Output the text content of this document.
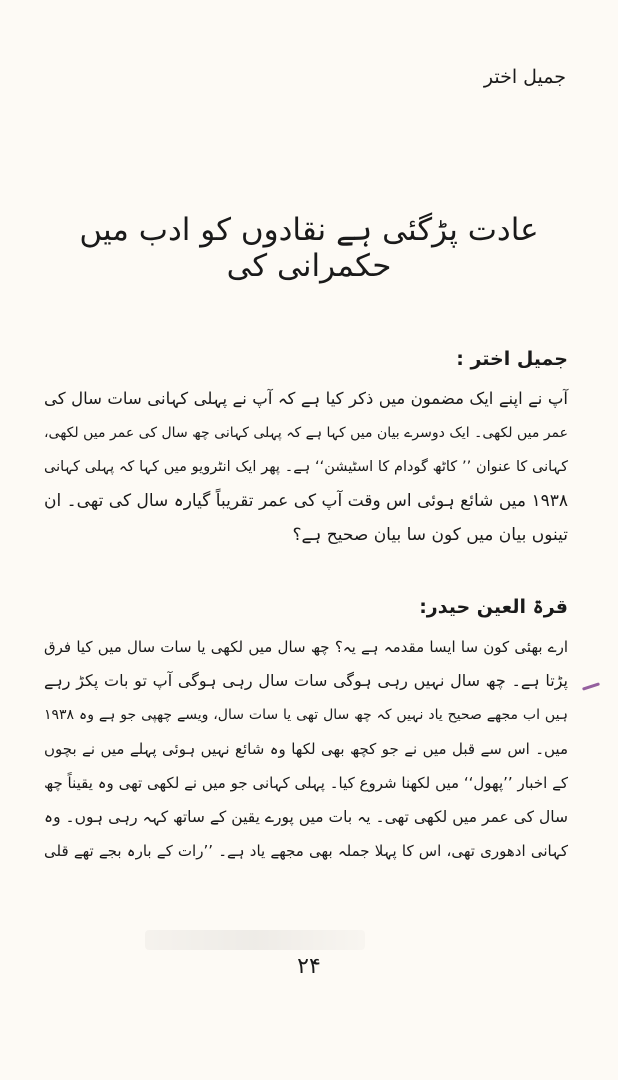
جمیل اختر
عادت پڑگئی ہے نقادوں کو ادب میں حکمرانی کی
جمیل اختر :
آپ نے اپنے ایک مضمون میں ذکر کیا ہے کہ آپ نے پہلی کہانی سات سال کی
عمر میں لکھی۔ ایک دوسرے بیان میں کہا ہے کہ پہلی کہانی چھ سال کی عمر میں لکھی،
کہانی کا عنوان ’’ کاٹھ گودام کا اسٹیشن‘‘ ہے۔ پھر ایک انٹرویو میں کہا کہ پہلی کہانی
۱۹۳۸ میں شائع ہوئی اس وقت آپ کی عمر تقریباً گیارہ سال کی تھی۔ ان
تینوں بیان میں کون سا بیان صحیح ہے؟
قرۃ العین حیدر:
ارے بھئی کون سا ایسا مقدمہ ہے یہ؟ چھ سال میں لکھی یا سات سال میں کیا فرق
پڑتا ہے۔ چھ سال نہیں رہی ہوگی سات سال رہی ہوگی آپ تو بات پکڑ رہے
ہیں اب مجھے صحیح یاد نہیں کہ چھ سال تھی یا سات سال، ویسے چھپی جو ہے وہ ۱۹۳۸
میں۔ اس سے قبل میں نے جو کچھ بھی لکھا وہ شائع نہیں ہوئی پہلے میں نے بچوں
کے اخبار ’’پھول‘‘ میں لکھنا شروع کیا۔ پہلی کہانی جو میں نے لکھی تھی وہ یقیناً چھ
سال کی عمر میں لکھی تھی۔ یہ بات میں پورے یقین کے ساتھ کہہ رہی ہوں۔ وہ
کہانی ادھوری تھی، اس کا پہلا جملہ بھی مجھے یاد ہے۔ ’’رات کے بارہ بجے تھے قلی
۲۴
